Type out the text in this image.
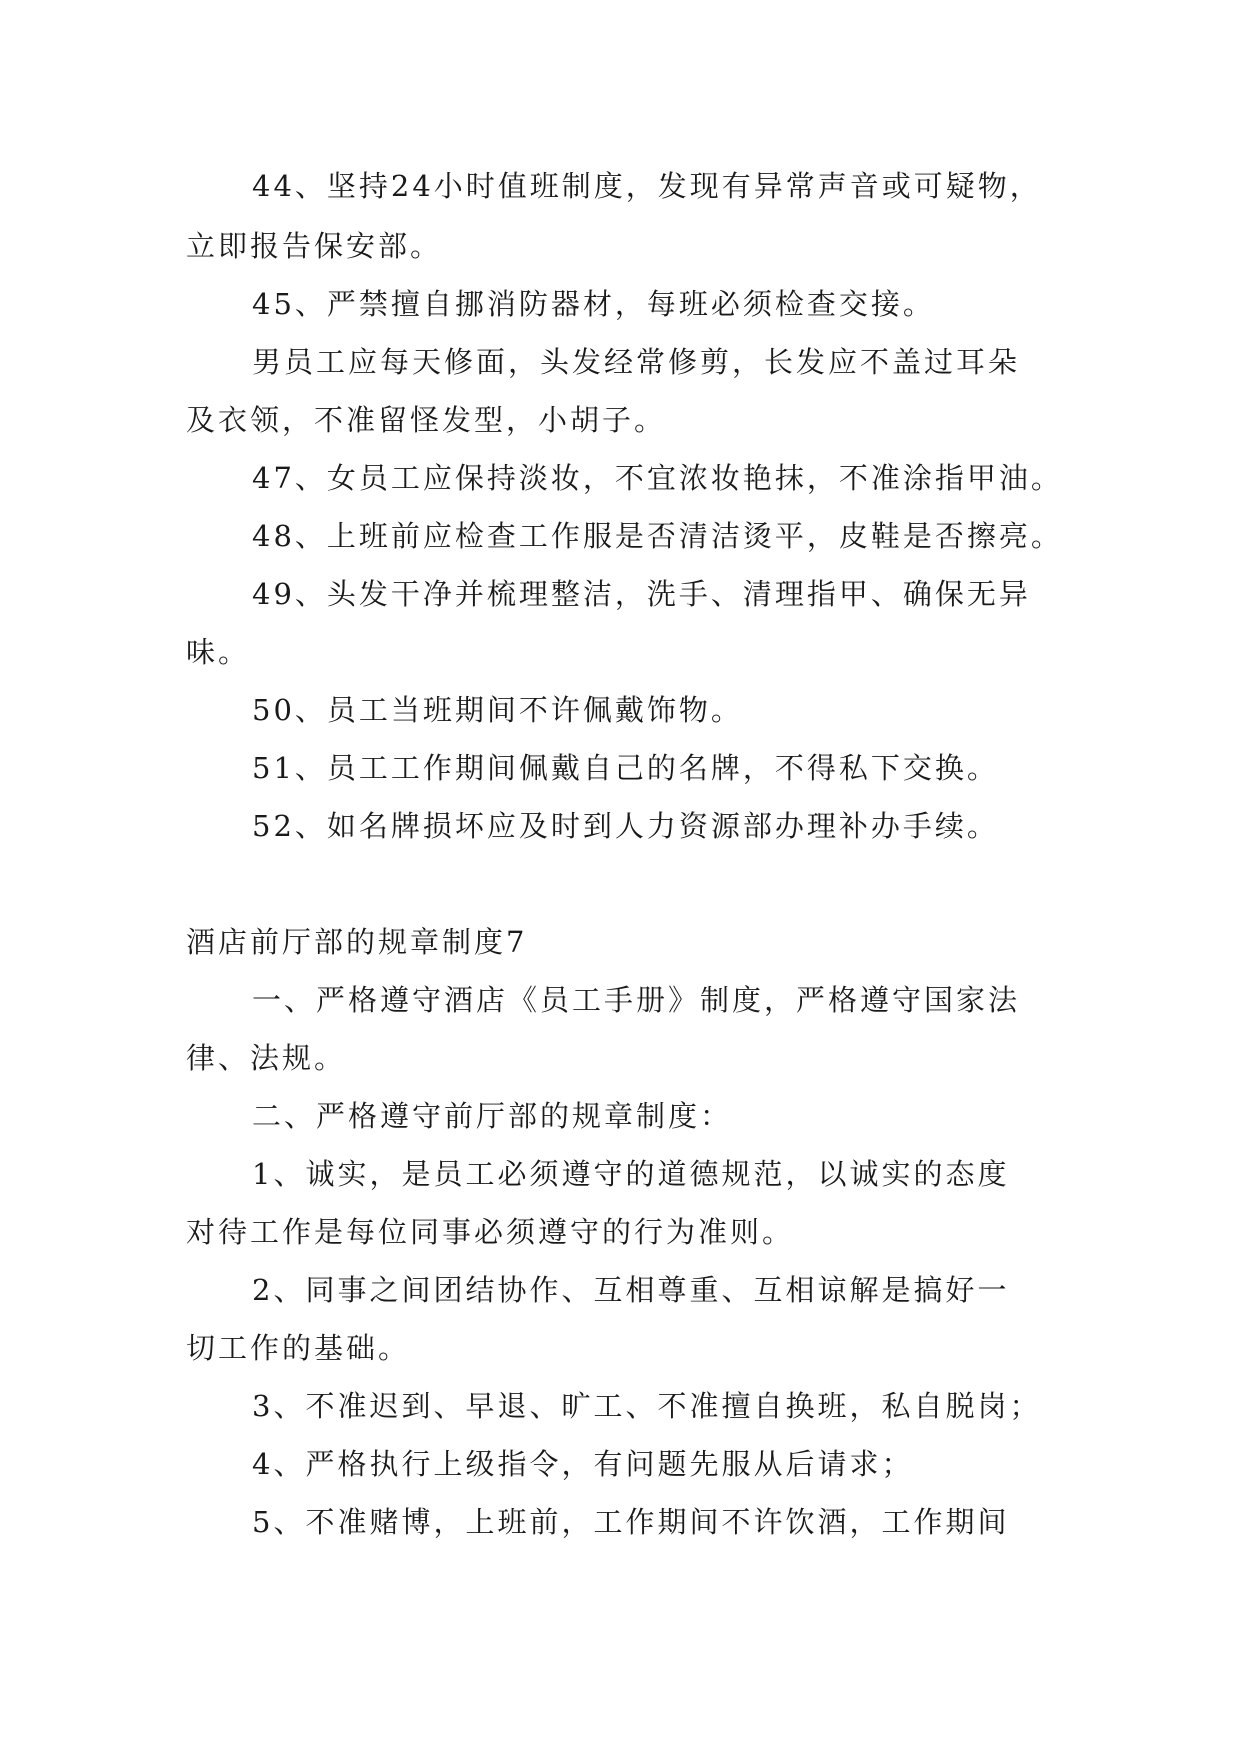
44、坚持24小时值班制度，发现有异常声音或可疑物，
立即报告保安部。
45、严禁擅自挪消防器材，每班必须检查交接。
男员工应每天修面，头发经常修剪，长发应不盖过耳朵
及衣领，不准留怪发型，小胡子。
47、女员工应保持淡妆，不宜浓妆艳抹，不准涂指甲油。
48、上班前应检查工作服是否清洁烫平，皮鞋是否擦亮。
49、头发干净并梳理整洁，洗手、清理指甲、确保无异
味。
50、员工当班期间不许佩戴饰物。
51、员工工作期间佩戴自己的名牌，不得私下交换。
52、如名牌损坏应及时到人力资源部办理补办手续。
酒店前厅部的规章制度7
一、严格遵守酒店《员工手册》制度，严格遵守国家法
律、法规。
二、严格遵守前厅部的规章制度：
1、诚实，是员工必须遵守的道德规范，以诚实的态度
对待工作是每位同事必须遵守的行为准则。
2、同事之间团结协作、互相尊重、互相谅解是搞好一
切工作的基础。
3、不准迟到、早退、旷工、不准擅自换班，私自脱岗；
4、严格执行上级指令，有问题先服从后请求；
5、不准赌博，上班前，工作期间不许饮酒，工作期间
